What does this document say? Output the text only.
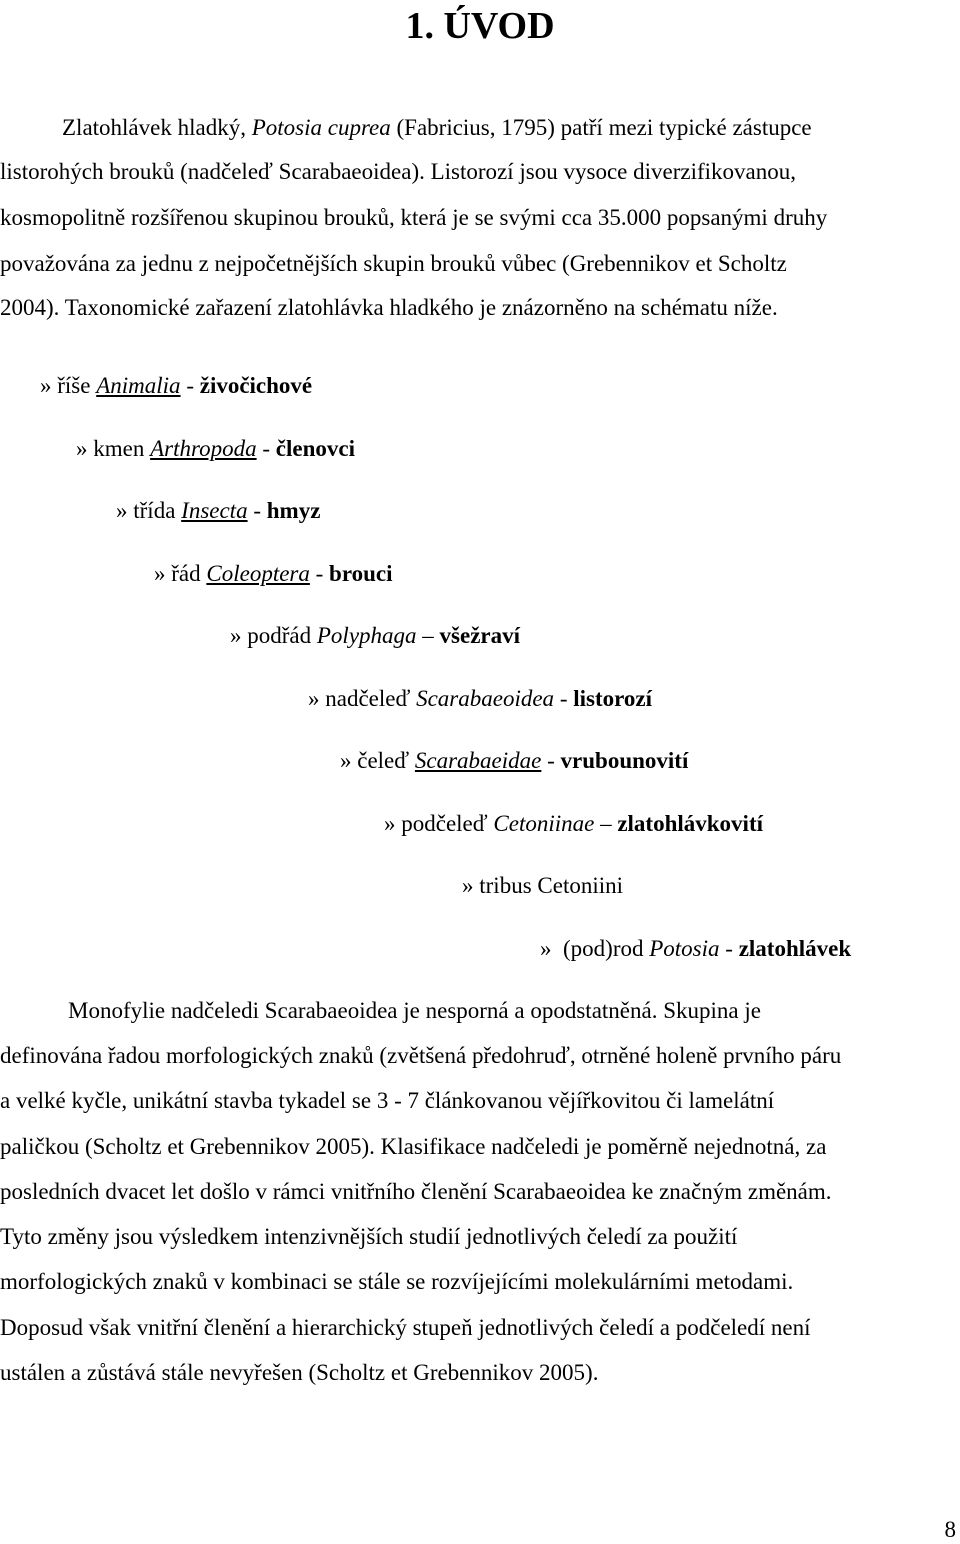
1. ÚVOD
Zlatohlávek hladký, Potosia cuprea (Fabricius, 1795) patří mezi typické zástupce
listorohých brouků (nadčeleď Scarabaeoidea). Listorozí jsou vysoce diverzifikovanou,
kosmopolitně rozšířenou skupinou brouků, která je se svými cca 35.000 popsanými druhy
považována za jednu z nejpočetnějších skupin brouků vůbec (Grebennikov et Scholtz
2004). Taxonomické zařazení zlatohlávka hladkého je znázorněno na schématu níže.
» říše Animalia - živočichové
» kmen Arthropoda - členovci
» třída Insecta - hmyz
» řád Coleoptera - brouci
» podřád Polyphaga – všežraví
» nadčeleď Scarabaeoidea - listorozí
» čeleď Scarabaeidae - vrubounovití
» podčeleď Cetoniinae – zlatohlávkovití
» tribus Cetoniini
»  (pod)rod Potosia - zlatohlávek
Monofylie nadčeledi Scarabaeoidea je nesporná a opodstatněná. Skupina je
definována řadou morfologických znaků (zvětšená předohruď, otrněné holeně prvního páru
a velké kyčle, unikátní stavba tykadel se 3 - 7 článkovanou vějířkovitou či lamelátní
paličkou (Scholtz et Grebennikov 2005). Klasifikace nadčeledi je poměrně nejednotná, za
posledních dvacet let došlo v rámci vnitřního členění Scarabaeoidea ke značným změnám.
Tyto změny jsou výsledkem intenzivnějších studií jednotlivých čeledí za použití
morfologických znaků v kombinaci se stále se rozvíjejícími molekulárními metodami.
Doposud však vnitřní členění a hierarchický stupeň jednotlivých čeledí a podčeledí není
ustálen a zůstává stále nevyřešen (Scholtz et Grebennikov 2005).
8
